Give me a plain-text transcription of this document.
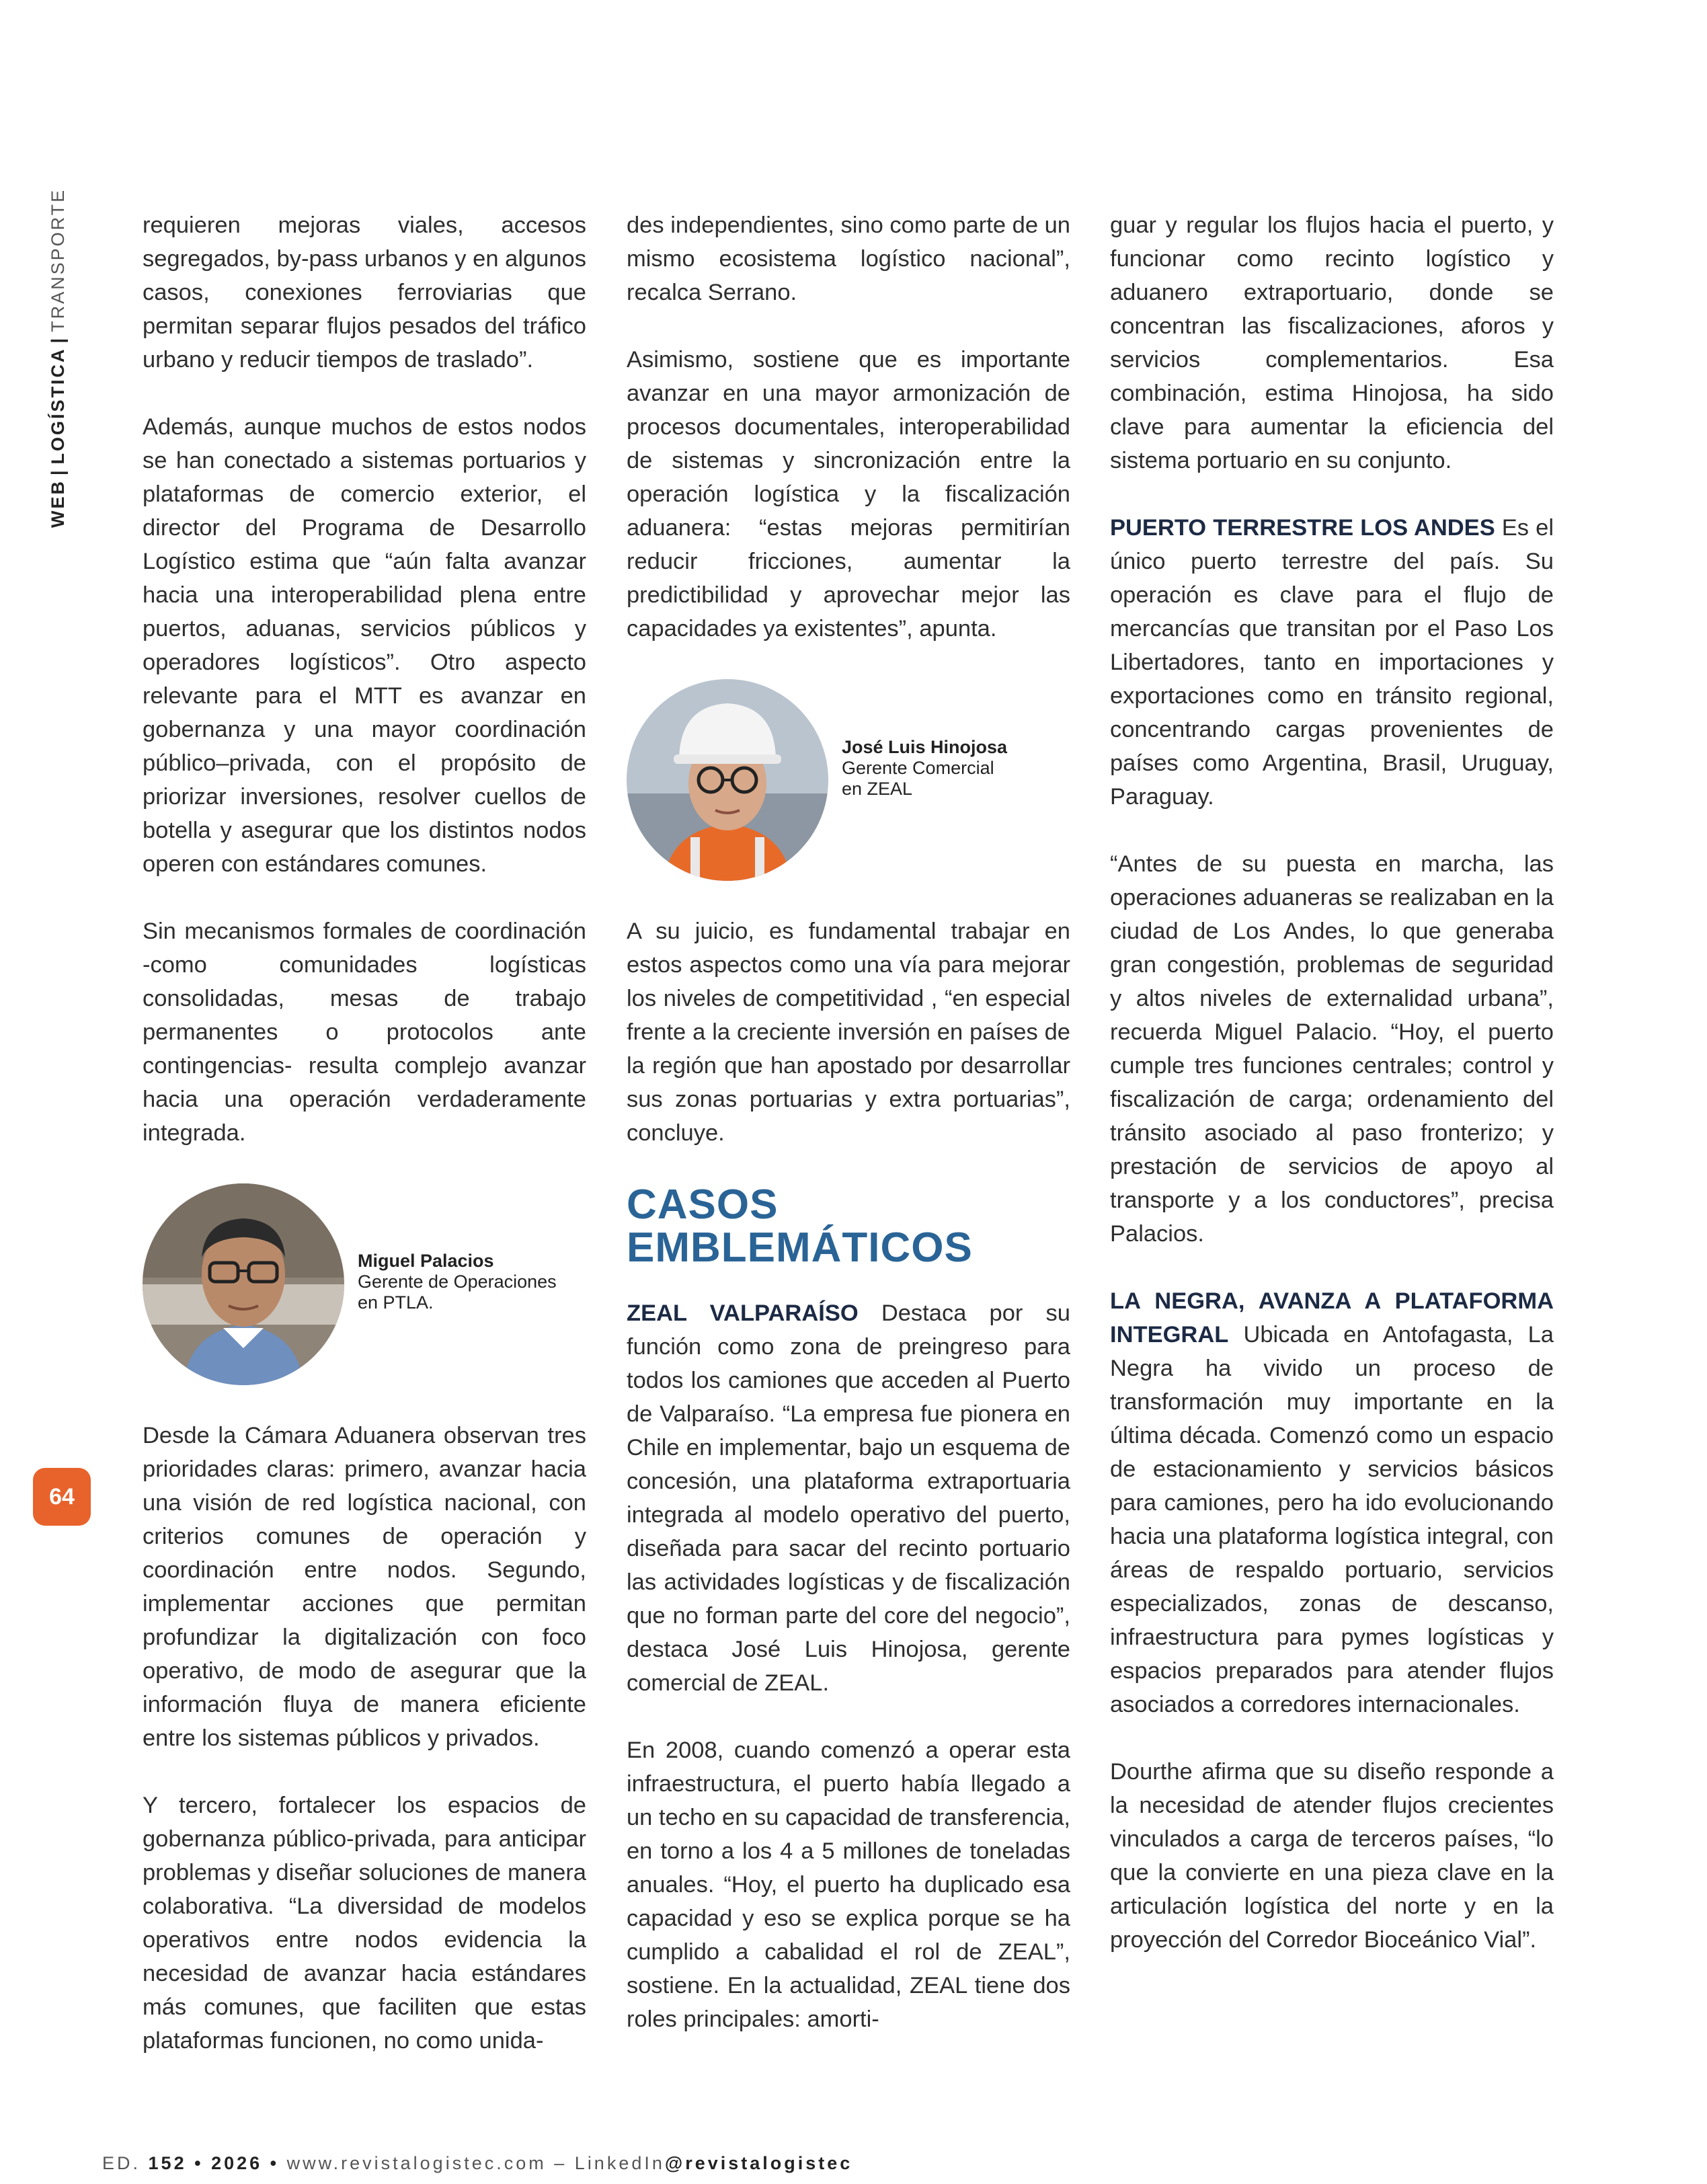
WEB|LOGÍSTICA|TRANSPORTE
64

requieren mejoras viales, accesos segregados, by-pass urbanos y en algunos casos, conexiones ferroviarias que permitan separar flujos pesados del tráfico urbano y reducir tiempos de traslado”.

Además, aunque muchos de estos nodos se han conectado a sistemas portuarios y plataformas de comercio exterior, el director del Programa de Desarrollo Logístico estima que “aún falta avanzar hacia una interoperabilidad plena entre puertos, aduanas, servicios públicos y operadores logísticos”. Otro aspecto relevante para el MTT es avanzar en gobernanza y una mayor coordinación público–privada, con el propósito de priorizar inversiones, resolver cuellos de botella y asegurar que los distintos nodos operen con estándares comunes.

Sin mecanismos formales de coordinación -como comunidades logísticas consolidadas, mesas de trabajo permanentes o protocolos ante contingencias- resulta complejo avanzar hacia una operación verdaderamente integrada.

Miguel Palacios
Gerente de Operaciones
en PTLA.

Desde la Cámara Aduanera observan tres prioridades claras: primero, avanzar hacia una visión de red logística nacional, con criterios comunes de operación y coordinación entre nodos. Segundo, implementar acciones que permitan profundizar la digitalización con foco operativo, de modo de asegurar que la información fluya de manera eficiente entre los sistemas públicos y privados.

Y tercero, fortalecer los espacios de gobernanza público-privada, para anticipar problemas y diseñar soluciones de manera colaborativa. “La diversidad de modelos operativos entre nodos evidencia la necesidad de avanzar hacia estándares más comunes, que faciliten que estas plataformas funcionen, no como unida-

des independientes, sino como parte de un mismo ecosistema logístico nacional”, recalca Serrano.

Asimismo, sostiene que es importante avanzar en una mayor armonización de procesos documentales, interoperabilidad de sistemas y sincronización entre la operación logística y la fiscalización aduanera: “estas mejoras permitirían reducir fricciones, aumentar la predictibilidad y aprovechar mejor las capacidades ya existentes”, apunta.

José Luis Hinojosa
Gerente Comercial
en ZEAL

A su juicio, es fundamental trabajar en estos aspectos como una vía para mejorar los niveles de competitividad , “en especial frente a la creciente inversión en países de la región que han apostado por desarrollar sus zonas portuarias y extra portuarias”, concluye.

CASOS
EMBLEMÁTICOS

ZEAL VALPARAÍSO Destaca por su función como zona de preingreso para todos los camiones que acceden al Puerto de Valparaíso. “La empresa fue pionera en Chile en implementar, bajo un esquema de concesión, una plataforma extraportuaria integrada al modelo operativo del puerto, diseñada para sacar del recinto portuario las actividades logísticas y de fiscalización que no forman parte del core del negocio”, destaca José Luis Hinojosa, gerente comercial de ZEAL.

En 2008, cuando comenzó a operar esta infraestructura, el puerto había llegado a un techo en su capacidad de transferencia, en torno a los 4 a 5 millones de toneladas anuales. “Hoy, el puerto ha duplicado esa capacidad y eso se explica porque se ha cumplido a cabalidad el rol de ZEAL”, sostiene. En la actualidad, ZEAL tiene dos roles principales: amorti-

guar y regular los flujos hacia el puerto, y funcionar como recinto logístico y aduanero extraportuario, donde se concentran las fiscalizaciones, aforos y servicios complementarios. Esa combinación, estima Hinojosa, ha sido clave para aumentar la eficiencia del sistema portuario en su conjunto.

PUERTO TERRESTRE LOS ANDES Es el único puerto terrestre del país. Su operación es clave para el flujo de mercancías que transitan por el Paso Los Libertadores, tanto en importaciones y exportaciones como en tránsito regional, concentrando cargas provenientes de países como Argentina, Brasil, Uruguay, Paraguay.

“Antes de su puesta en marcha, las operaciones aduaneras se realizaban en la ciudad de Los Andes, lo que generaba gran congestión, problemas de seguridad y altos niveles de externalidad urbana”, recuerda Miguel Palacio. “Hoy, el puerto cumple tres funciones centrales; control y fiscalización de carga; ordenamiento del tránsito asociado al paso fronterizo; y prestación de servicios de apoyo al transporte y a los conductores”, precisa Palacios.

LA NEGRA, AVANZA A PLATAFORMA INTEGRAL Ubicada en Antofagasta, La Negra ha vivido un proceso de transformación muy importante en la última década. Comenzó como un espacio de estacionamiento y servicios básicos para camiones, pero ha ido evolucionando hacia una plataforma logística integral, con áreas de respaldo portuario, servicios especializados, zonas de descanso, infraestructura para pymes logísticas y espacios preparados para atender flujos asociados a corredores internacionales.

Dourthe afirma que su diseño responde a la necesidad de atender flujos crecientes vinculados a carga de terceros países, “lo que la convierte en una pieza clave en la articulación logística del norte y en la proyección del Corredor Bioceánico Vial”.

ED. 152 • 2026 • www.revistalogistec.com – LinkedIn@revistalogistec
